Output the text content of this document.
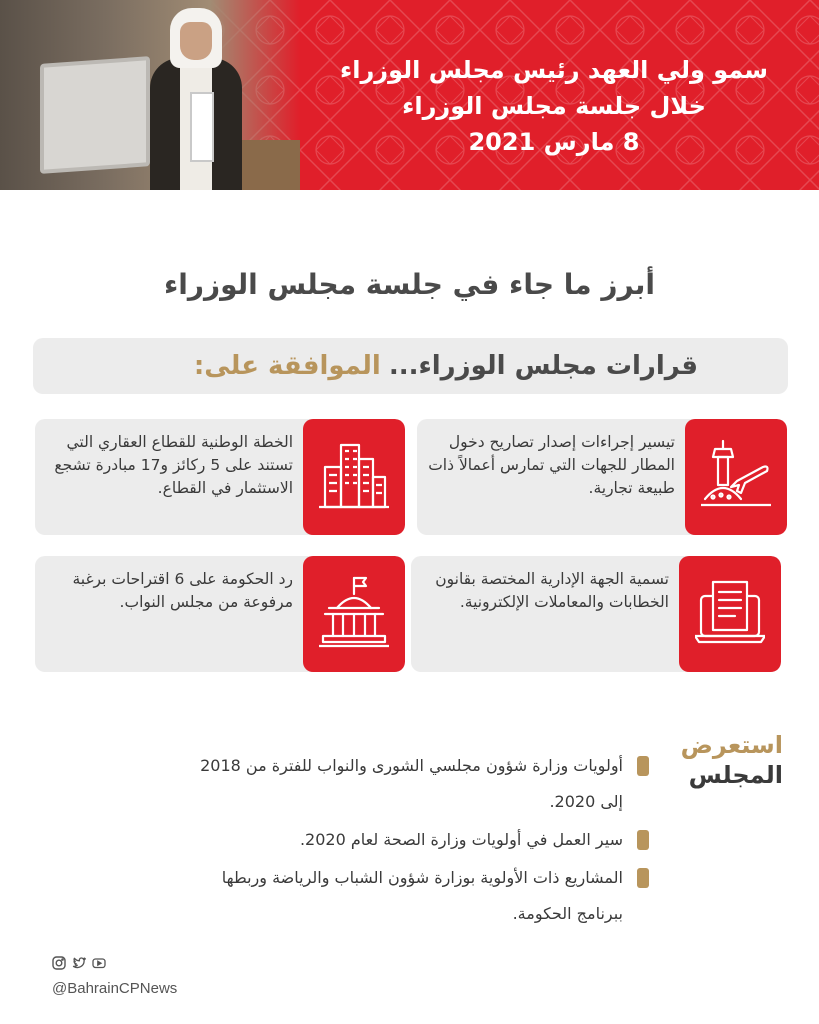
سمو ولي العهد رئيس مجلس الوزراء
خلال جلسة مجلس الوزراء
8 مارس 2021
أبرز ما جاء في جلسة مجلس الوزراء
قرارات مجلس الوزراء...
الموافقة على:
تيسير إجراءات إصدار تصاريح دخول المطار للجهات التي تمارس أعمالاً ذات طبيعة تجارية.
الخطة الوطنية للقطاع العقاري التي تستند على 5 ركائز و17 مبادرة تشجع الاستثمار في القطاع.
تسمية الجهة الإدارية المختصة بقانون الخطابات والمعاملات الإلكترونية.
رد الحكومة على 6 اقتراحات برغبة مرفوعة من مجلس النواب.
استعرض
المجلس
أولويات وزارة شؤون مجلسي الشورى والنواب للفترة من 2018 إلى 2020.
سير العمل في أولويات وزارة الصحة لعام 2020.
المشاريع ذات الأولوية بوزارة شؤون الشباب والرياضة وربطها ببرنامج الحكومة.
@BahrainCPNews
